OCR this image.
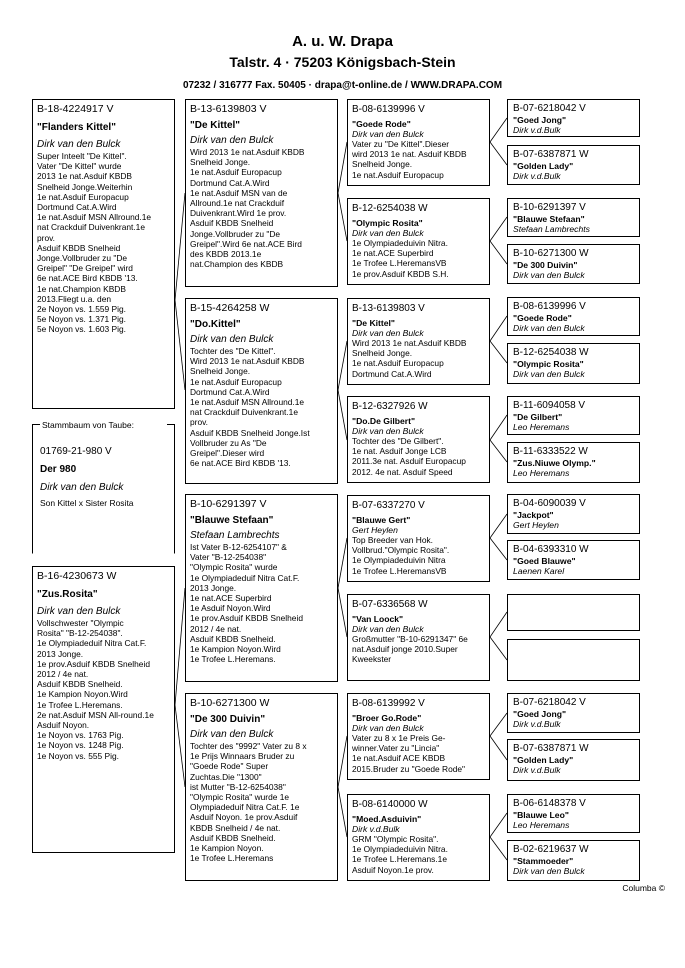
A. u. W. Drapa
Talstr. 4 · 75203 Königsbach-Stein
07232 / 316777 Fax. 50405 · drapa@t-online.de / WWW.DRAPA.COM
B-18-4224917 V
"Flanders Kittel"
Dirk van den Bulck
Super Inteelt "De Kittel".
Vater "De Kittel" wurde
2013 1e nat.Asduif KBDB
Snelheid Jonge.Weiterhin
1e nat.Asduif Europacup
Dortmund Cat.A.Wird
1e nat.Asduif MSN Allround.1e
nat Crackduif Duivenkrant.1e
prov.
Asduif KBDB Snelheid
Jonge.Vollbruder zu "De
Greipel" "De Greipel" wird
6e nat.ACE Bird KBDB '13.
1e nat.Champion KBDB
2013.Fliegt u.a. den
2e Noyon vs. 1.559 Pig.
5e Noyon vs. 1.371 Pig.
5e Noyon vs. 1.603 Pig.
Stammbaum von Taube:
01769-21-980 V
Der 980
Dirk van den Bulck
Son Kittel x Sister Rosita
B-16-4230673 W
"Zus.Rosita"
Dirk van den Bulck
Vollschwester "Olympic
Rosita" "B-12-254038".
1e Olympiadeduif Nitra Cat.F.
2013 Jonge.
1e prov.Asduif KBDB Snelheid
2012 / 4e nat.
Asduif KBDB Snelheid.
1e Kampion Noyon.Wird
1e Trofee L.Heremans.
2e nat.Asduif MSN All-round.1e
Asduif Noyon.
1e Noyon vs. 1763 Pig.
1e Noyon vs. 1248 Pig.
1e Noyon vs. 555 Pig.
B-13-6139803 V
"De Kittel"
Dirk van den Bulck
Wird 2013 1e nat.Asduif KBDB
Snelheid Jonge.
1e nat.Asduif Europacup
Dortmund Cat.A.Wird
1e nat.Asduif MSN van de
Allround.1e nat Crackduif
Duivenkrant.Wird 1e prov.
Asduif KBDB Snelheid
Jonge.Vollbruder zu "De
Greipel".Wird 6e nat.ACE Bird
des KBDB 2013.1e
nat.Champion des KBDB
B-15-4264258 W
"Do.Kittel"
Dirk van den Bulck
Tochter des "De Kittel".
Wird 2013 1e nat.Asduif KBDB
Snelheid Jonge.
1e nat.Asduif Europacup
Dortmund Cat.A.Wird
1e nat.Asduif MSN Allround.1e
nat Crackduif Duivenkrant.1e
prov.
Asduif KBDB Snelheid Jonge.Ist
Vollbruder zu As "De
Greipel".Dieser wird
6e nat.ACE Bird KBDB '13.
B-10-6291397 V
"Blauwe Stefaan"
Stefaan Lambrechts
Ist Vater B-12-6254107" &
Vater "B-12-254038"
"Olympic Rosita" wurde
1e Olympiadeduif Nitra Cat.F.
2013 Jonge.
1e nat.ACE Superbird
1e Asduif Noyon.Wird
1e prov.Asduif KBDB Snelheid
2012 / 4e nat.
Asduif KBDB Snelheid.
1e Kampion Noyon.Wird
1e Trofee L.Heremans.
B-10-6271300 W
"De 300 Duivin"
Dirk van den Bulck
Tochter des "9992" Vater zu 8 x
1e Prijs Winnaars Bruder zu
"Goede Rode" Super
Zuchtas.Die "1300"
ist Mutter "B-12-6254038"
"Olympic Rosita" wurde 1e
Olympiadeduif Nitra Cat.F. 1e
Asduif Noyon. 1e prov.Asduif
KBDB Snelheid / 4e nat.
Asduif KBDB Snelheid.
1e Kampion Noyon.
1e Trofee L.Heremans
B-08-6139996 V
"Goede Rode"
Dirk van den Bulck
Vater zu "De Kittel".Dieser
wird 2013 1e nat. Asduif KBDB
Snelheid Jonge.
1e nat.Asduif Europacup
B-12-6254038 W
"Olympic Rosita"
Dirk van den Bulck
1e Olympiadeduivin Nitra.
1e nat.ACE Superbird
1e Trofee L.HeremansVB
1e prov.Asduif KBDB S.H.
B-13-6139803 V
"De Kittel"
Dirk van den Bulck
Wird 2013 1e nat.Asduif KBDB
Snelheid Jonge.
1e nat.Asduif Europacup
Dortmund Cat.A.Wird
B-12-6327926 W
"Do.De Gilbert"
Dirk van den Bulck
Tochter des "De Gilbert".
1e nat. Asduif Jonge LCB
2011.3e nat. Asduif Europacup
2012. 4e nat. Asduif Speed
B-07-6337270 V
"Blauwe Gert"
Gert Heylen
Top Breeder van Hok.
Vollbrud."Olympic Rosita".
1e Olympiadeduivin Nitra
1e Trofee L.HeremansVB
B-07-6336568 W
"Van Loock"
Dirk van den Bulck
Großmutter "B-10-6291347" 6e
nat.Asduif jonge 2010.Super
Kweekster
B-08-6139992 V
"Broer Go.Rode"
Dirk van den Bulck
Vater zu 8 x 1e Preis Ge-
winner.Vater zu "Lincia"
1e nat.Asduif ACE KBDB
2015.Bruder zu "Goede Rode"
B-08-6140000 W
"Moed.Asduivin"
Dirk v.d.Bulk
GRM "Olympic Rosita".
1e Olympiadeduivin Nitra.
1e Trofee L.Heremans.1e
Asduif Noyon.1e prov.
B-07-6218042 V
"Goed Jong"
Dirk v.d.Bulk
B-07-6387871 W
"Golden Lady"
Dirk v.d.Bulk
B-10-6291397 V
"Blauwe Stefaan"
Stefaan Lambrechts
B-10-6271300 W
"De 300 Duivin"
Dirk van den Bulck
B-08-6139996 V
"Goede Rode"
Dirk van den Bulck
B-12-6254038 W
"Olympic Rosita"
Dirk van den Bulck
B-11-6094058 V
"De Gilbert"
Leo Heremans
B-11-6333522 W
"Zus.Niuwe Olymp."
Leo Heremans
B-04-6090039 V
"Jackpot"
Gert Heylen
B-04-6393310 W
"Goed Blauwe"
Laenen Karel
B-07-6218042 V
"Goed Jong"
Dirk v.d.Bulk
B-07-6387871 W
"Golden Lady"
Dirk v.d.Bulk
B-06-6148378 V
"Blauwe Leo"
Leo Heremans
B-02-6219637 W
"Stammoeder"
Dirk van den Bulck
Columba ©
